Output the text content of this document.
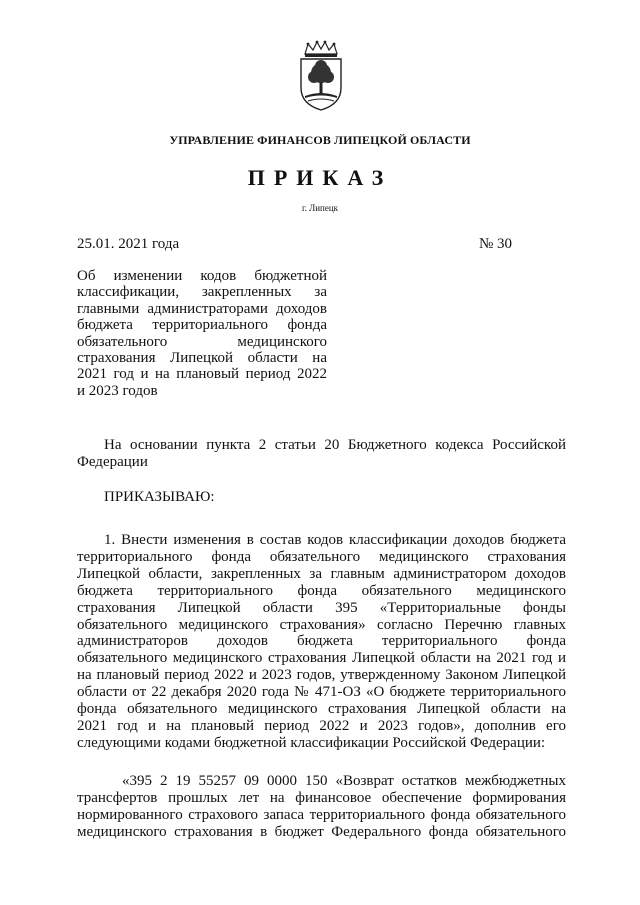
УПРАВЛЕНИЕ ФИНАНСОВ ЛИПЕЦКОЙ ОБЛАСТИ
ПРИКАЗ
г. Липецк
25.01. 2021 года	№ 30
Об изменении кодов бюджетной
классификации, закрепленных за
главными администраторами доходов
бюджета территориального фонда
обязательного медицинского
страхования Липецкой области на
2021 год и на плановый период 2022
и 2023 годов
На основании пункта 2 статьи 20 Бюджетного кодекса Российской
Федерации
ПРИКАЗЫВАЮ:
1. Внести изменения в состав кодов классификации доходов бюджета
территориального фонда обязательного медицинского страхования
Липецкой области, закрепленных за главным администратором доходов
бюджета территориального фонда обязательного медицинского
страхования Липецкой области 395 «Территориальные фонды
обязательного медицинского страхования» согласно Перечню главных
администраторов доходов бюджета территориального фонда
обязательного медицинского страхования Липецкой области на 2021 год и
на плановый период 2022 и 2023 годов, утвержденному Законом Липецкой
области от 22 декабря 2020 года № 471-ОЗ «О бюджете территориального
фонда обязательного медицинского страхования Липецкой области на
2021 год и на плановый период 2022 и 2023 годов», дополнив его
следующими кодами бюджетной классификации Российской Федерации:
«395 2 19 55257 09 0000 150 «Возврат остатков межбюджетных
трансфертов прошлых лет на финансовое обеспечение формирования
нормированного страхового запаса территориального фонда обязательного
медицинского страхования в бюджет Федерального фонда обязательного
